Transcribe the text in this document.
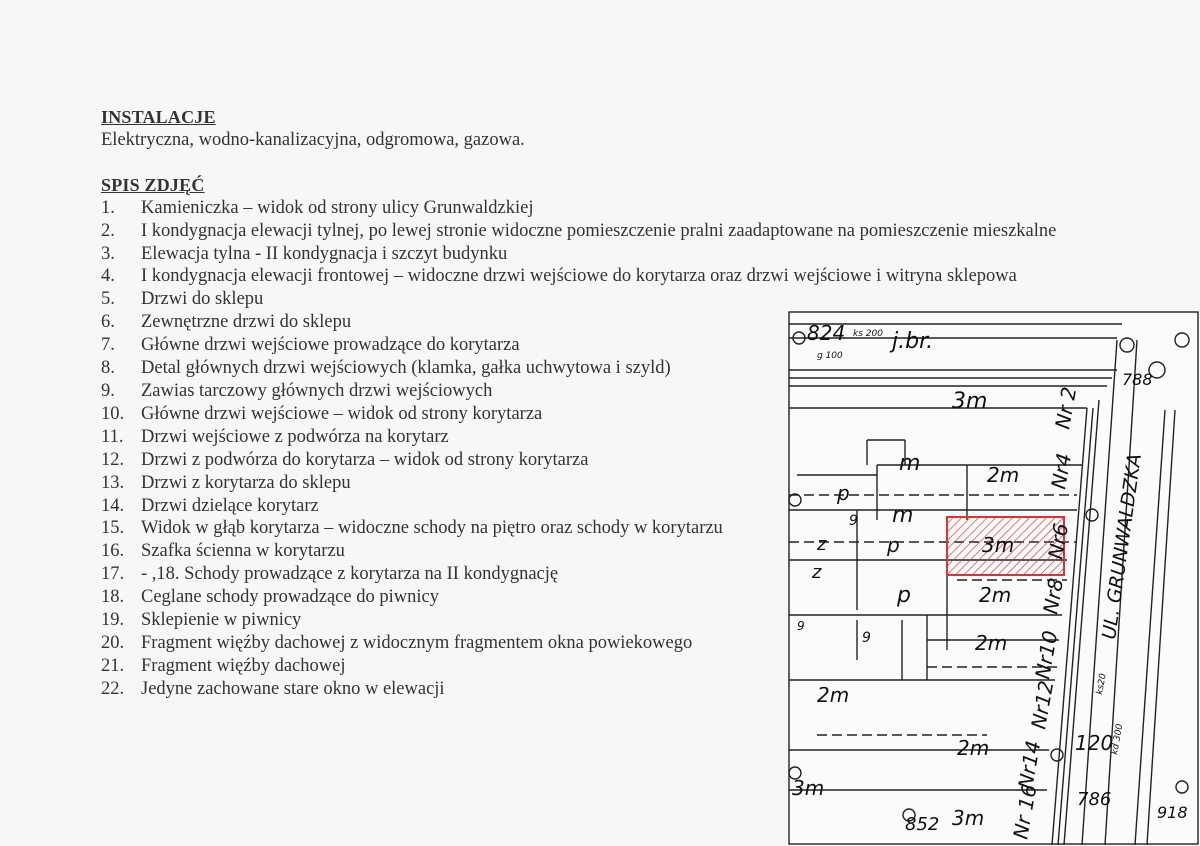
INSTALACJE
Elektryczna, wodno-kanalizacyjna, odgromowa, gazowa.
SPIS ZDJĘĆ
1.	Kamieniczka – widok od strony ulicy Grunwaldzkiej
2.	I kondygnacja elewacji tylnej, po lewej stronie widoczne pomieszczenie pralni zaadaptowane na pomieszczenie mieszkalne
3.	Elewacja tylna - II kondygnacja i szczyt budynku
4.	I kondygnacja elewacji frontowej – widoczne drzwi wejściowe do korytarza oraz drzwi wejściowe i witryna sklepowa
5.	Drzwi do sklepu
6.	Zewnętrzne drzwi do sklepu
7.	Główne drzwi wejściowe prowadzące do korytarza
8.	Detal głównych drzwi wejściowych (klamka, gałka uchwytowa i szyld)
9.	Zawias tarczowy głównych drzwi wejściowych
10. Główne drzwi wejściowe – widok od strony korytarza
11. Drzwi wejściowe z podwórza na korytarz
12. Drzwi z podwórza do korytarza – widok od strony korytarza
13. Drzwi z korytarza do sklepu
14. Drzwi dzielące korytarz
15. Widok w głąb korytarza – widoczne schody na piętro oraz schody w korytarzu
16. Szafka ścienna w korytarzu
17. - ,18. Schody prowadzące z korytarza na II kondygnację
18. Ceglane schody prowadzące do piwnicy
19. Sklepienie w piwnicy
20. Fragment więźby dachowej z widocznym fragmentem okna powiekowego
21. Fragment więźby dachowej
22. Jedyne zachowane stare okno w elewacji
824 j.br.
ks 200
g 100
788
3m
m
m
2m
3m
2m
2m
2m
2m
3m
3m
p
p
p
z
z
9
9
9
Nr 2
Nr4
Nr6
Nr8
Nr10
Nr12
Nr14
Nr 16
UL. GRUNWALDZKA
120
786
852
918
kd 300
ks20
